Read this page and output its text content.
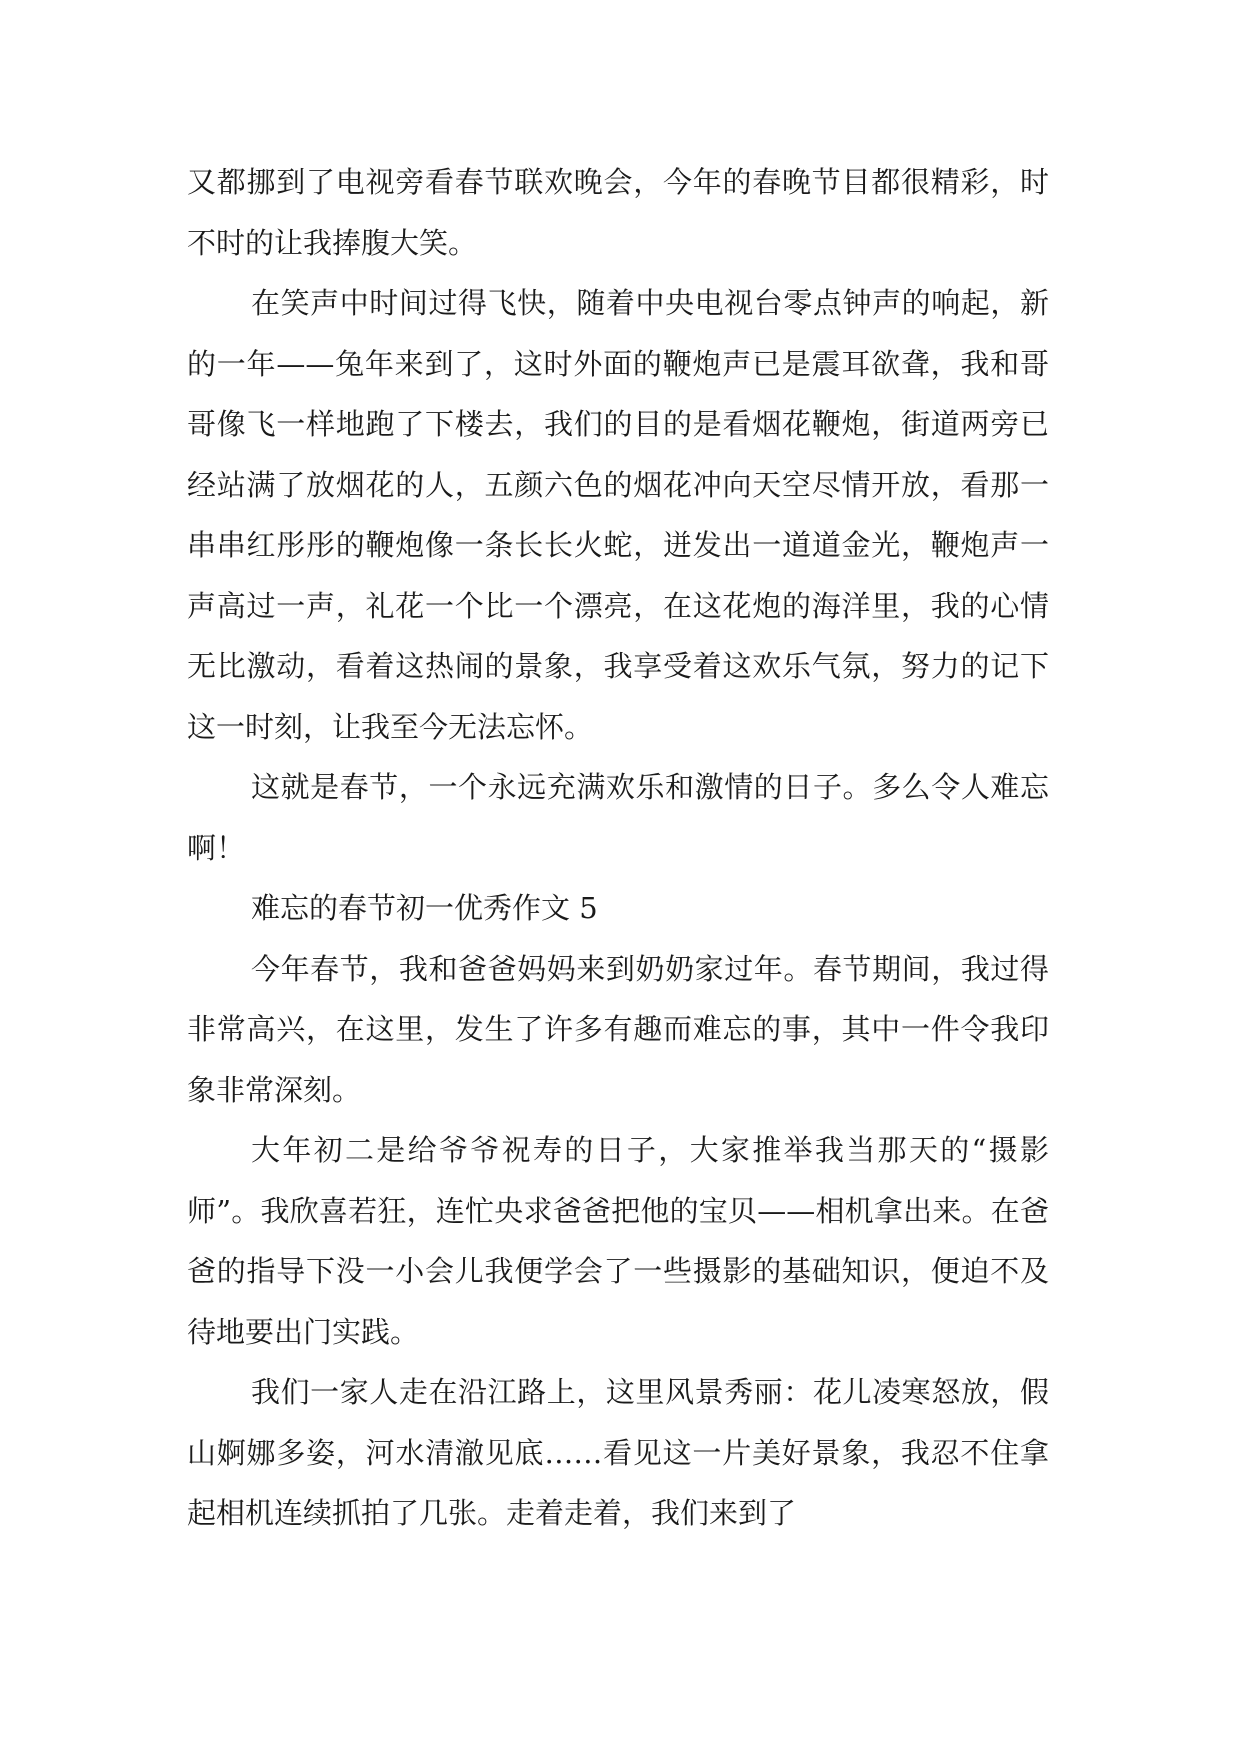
又都挪到了电视旁看春节联欢晚会，今年的春晚节目都很精彩，时不时的让我捧腹大笑。

在笑声中时间过得飞快，随着中央电视台零点钟声的响起，新的一年——兔年来到了，这时外面的鞭炮声已是震耳欲聋，我和哥哥像飞一样地跑了下楼去，我们的目的是看烟花鞭炮，街道两旁已经站满了放烟花的人，五颜六色的烟花冲向天空尽情开放，看那一串串红彤彤的鞭炮像一条长长火蛇，迸发出一道道金光，鞭炮声一声高过一声，礼花一个比一个漂亮，在这花炮的海洋里，我的心情无比激动，看着这热闹的景象，我享受着这欢乐气氛，努力的记下这一时刻，让我至今无法忘怀。

这就是春节，一个永远充满欢乐和激情的日子。多么令人难忘啊！

难忘的春节初一优秀作文 5

今年春节，我和爸爸妈妈来到奶奶家过年。春节期间，我过得非常高兴，在这里，发生了许多有趣而难忘的事，其中一件令我印象非常深刻。

大年初二是给爷爷祝寿的日子，大家推举我当那天的“摄影师”。我欣喜若狂，连忙央求爸爸把他的宝贝——相机拿出来。在爸爸的指导下没一小会儿我便学会了一些摄影的基础知识，便迫不及待地要出门实践。

我们一家人走在沿江路上，这里风景秀丽：花儿凌寒怒放，假山婀娜多姿，河水清澈见底……看见这一片美好景象，我忍不住拿起相机连续抓拍了几张。走着走着，我们来到了
